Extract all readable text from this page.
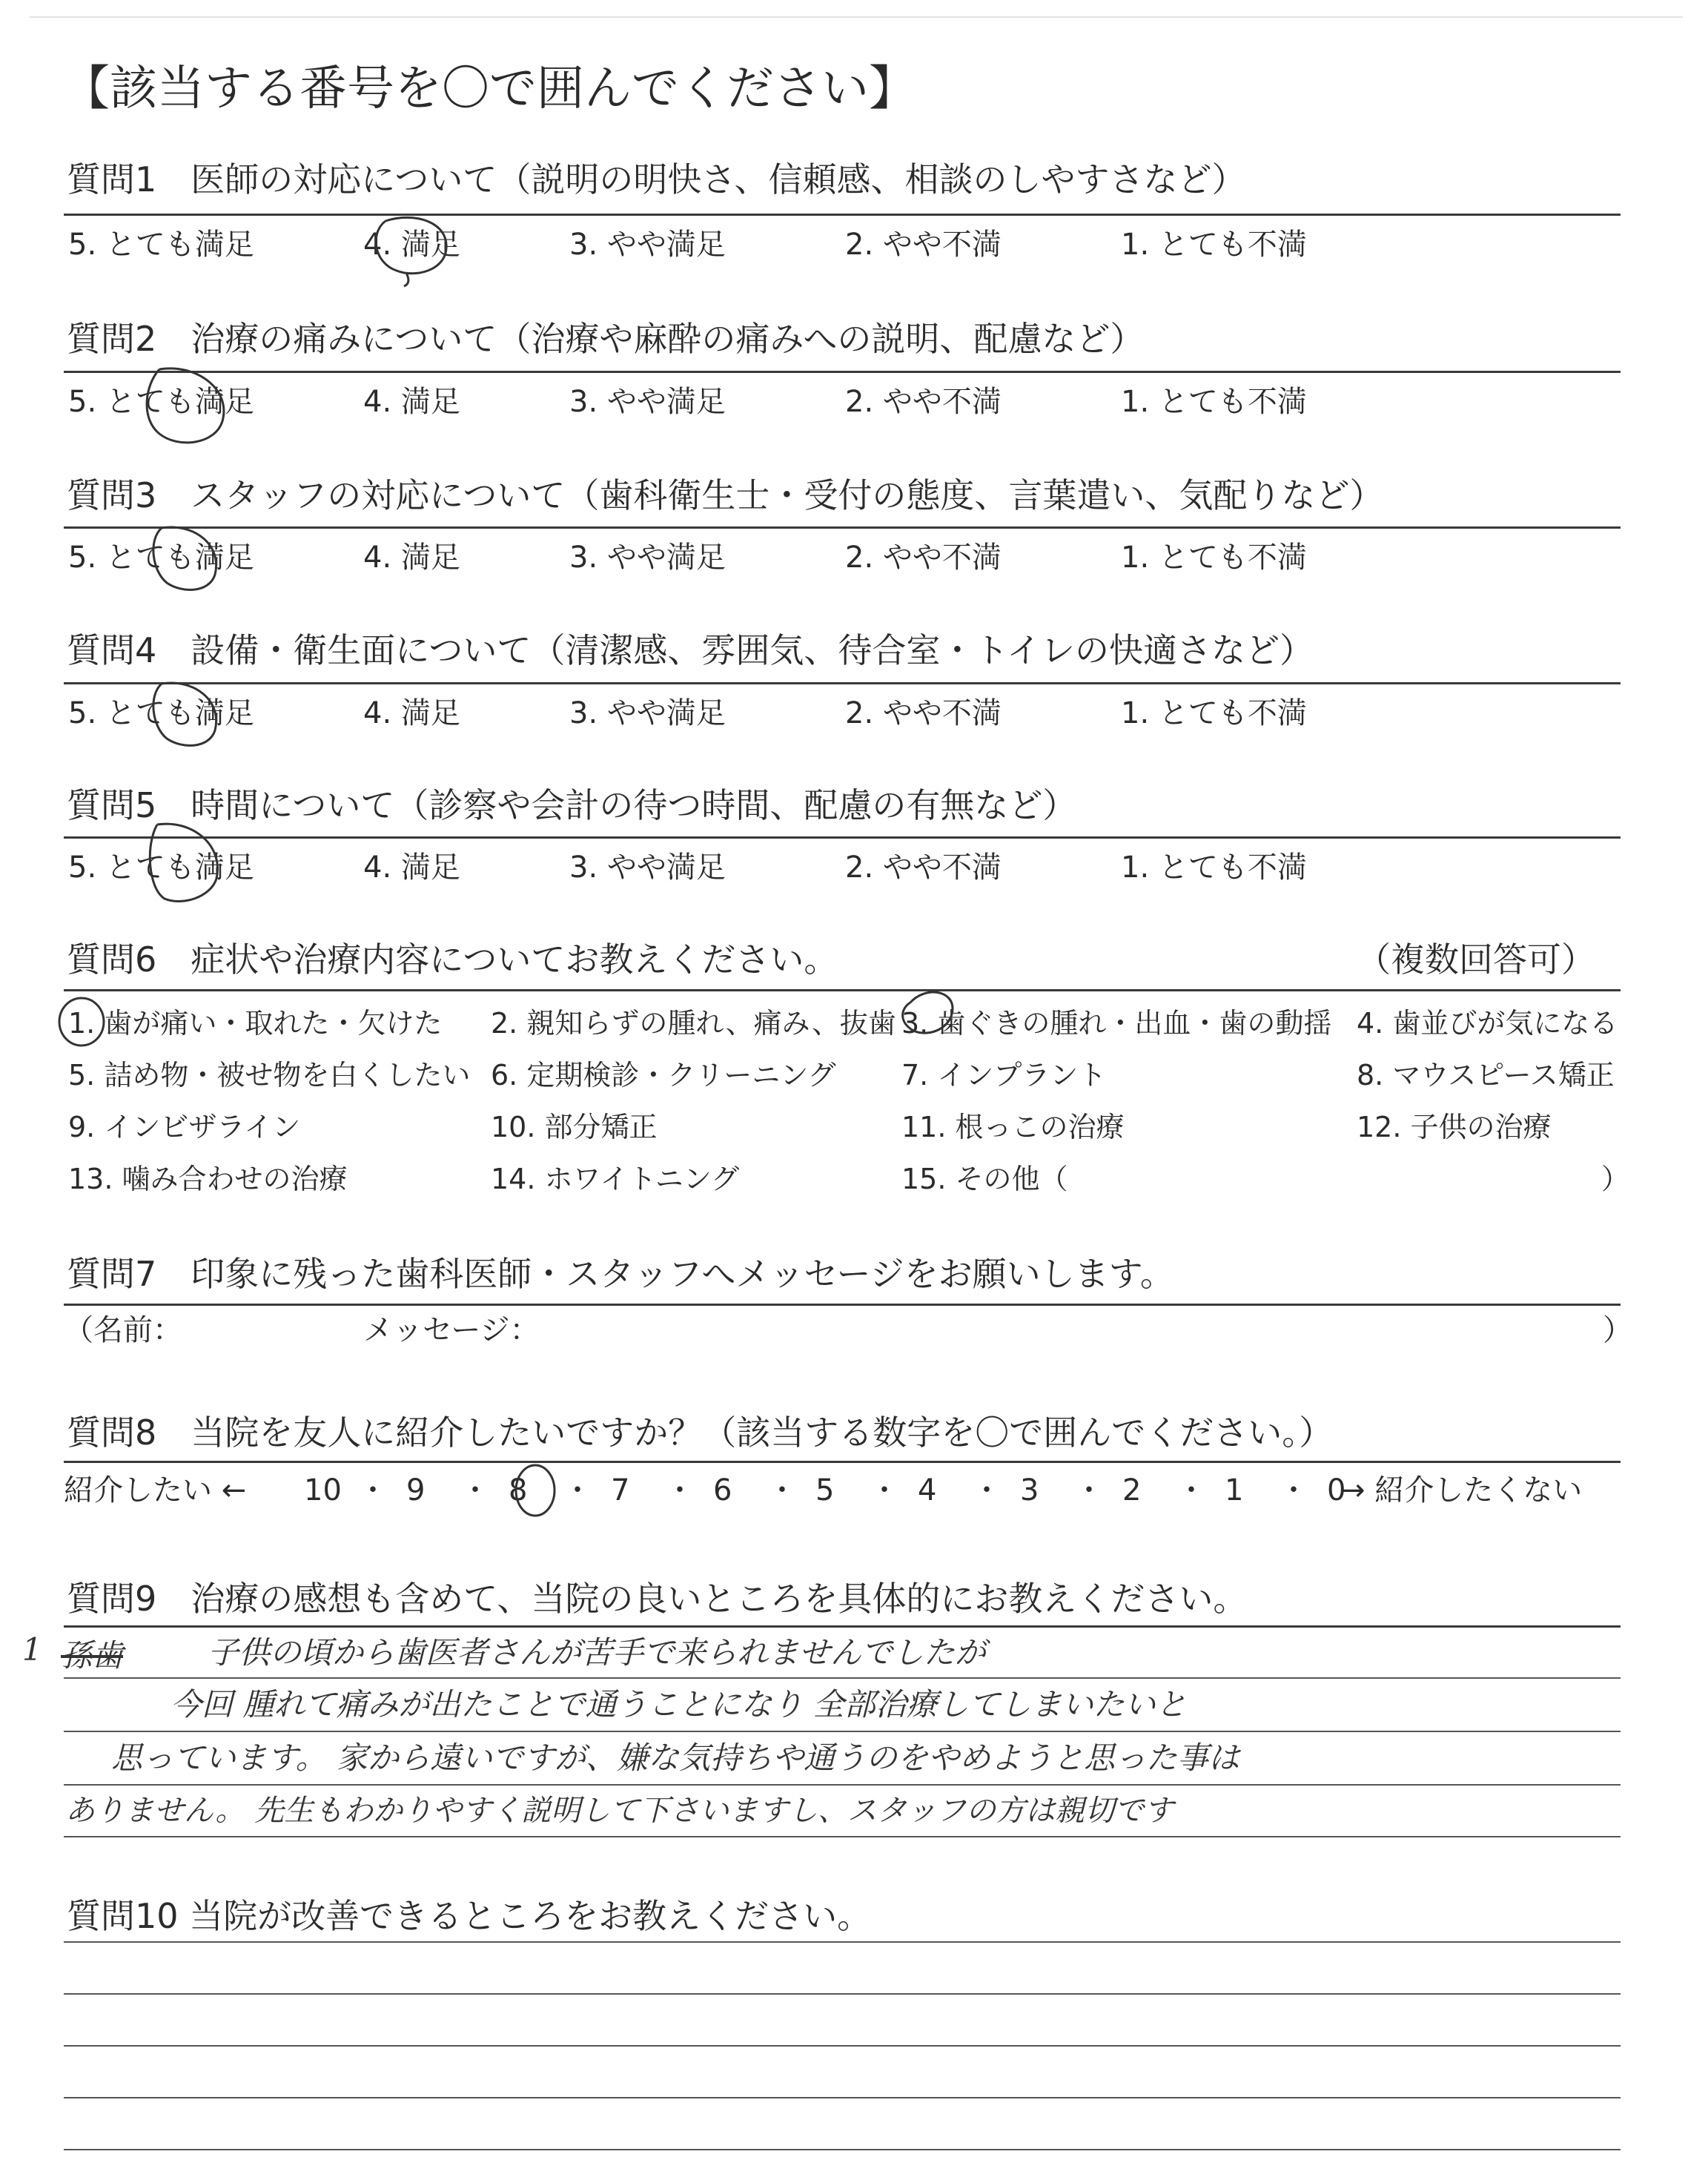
【該当する番号を〇で囲んでください】
質問1　医師の対応について（説明の明快さ、信頼感、相談のしやすさなど）
5. とても満足	4. 満足	3. やや満足	2. やや不満	1. とても不満
質問2　治療の痛みについて（治療や麻酔の痛みへの説明、配慮など）
5. とても満足	4. 満足	3. やや満足	2. やや不満	1. とても不満
質問3　スタッフの対応について（歯科衛生士・受付の態度、言葉遣い、気配りなど）
5. とても満足	4. 満足	3. やや満足	2. やや不満	1. とても不満
質問4　設備・衛生面について（清潔感、雰囲気、待合室・トイレの快適さなど）
5. とても満足	4. 満足	3. やや満足	2. やや不満	1. とても不満
質問5　時間について（診察や会計の待つ時間、配慮の有無など）
5. とても満足	4. 満足	3. やや満足	2. やや不満	1. とても不満
質問6　症状や治療内容についてお教えください。	（複数回答可）
1. 歯が痛い・取れた・欠けた 2. 親知らずの腫れ、痛み、抜歯 3. 歯ぐきの腫れ・出血・歯の動揺 4. 歯並びが気になる
5. 詰め物・被せ物を白くしたい 6. 定期検診・クリーニング 7. インプラント	8. マウスピース矯正
9. インビザライン	10. 部分矯正	11. 根っこの治療	12. 子供の治療
13. 噛み合わせの治療	14. ホワイトニング	15. その他（	）
質問7　印象に残った歯科医師・スタッフへメッセージをお願いします。
（名前：	メッセージ：	）
質問8　当院を友人に紹介したいですか？（該当する数字を〇で囲んでください。）
紹介したい ← 10 ・ 9 ・ 8 ・ 7 ・ 6 ・ 5 ・ 4 ・ 3 ・ 2 ・ 1 ・ 0
→ 紹介したくない
質問9　治療の感想も含めて、当院の良いところを具体的にお教えください。
1 孫歯	子供の頃から歯医者さんが苦手で来られませんでしたが
今回 腫れて痛みが出たことで通うことになり 全部治療してしまいたいと
思っています。 家から遠いですが、嫌な気持ちや通うのをやめようと思った事は
ありません。 先生もわかりやすく説明して下さいますし、スタッフの方は親切です
質問10 当院が改善できるところをお教えください。
